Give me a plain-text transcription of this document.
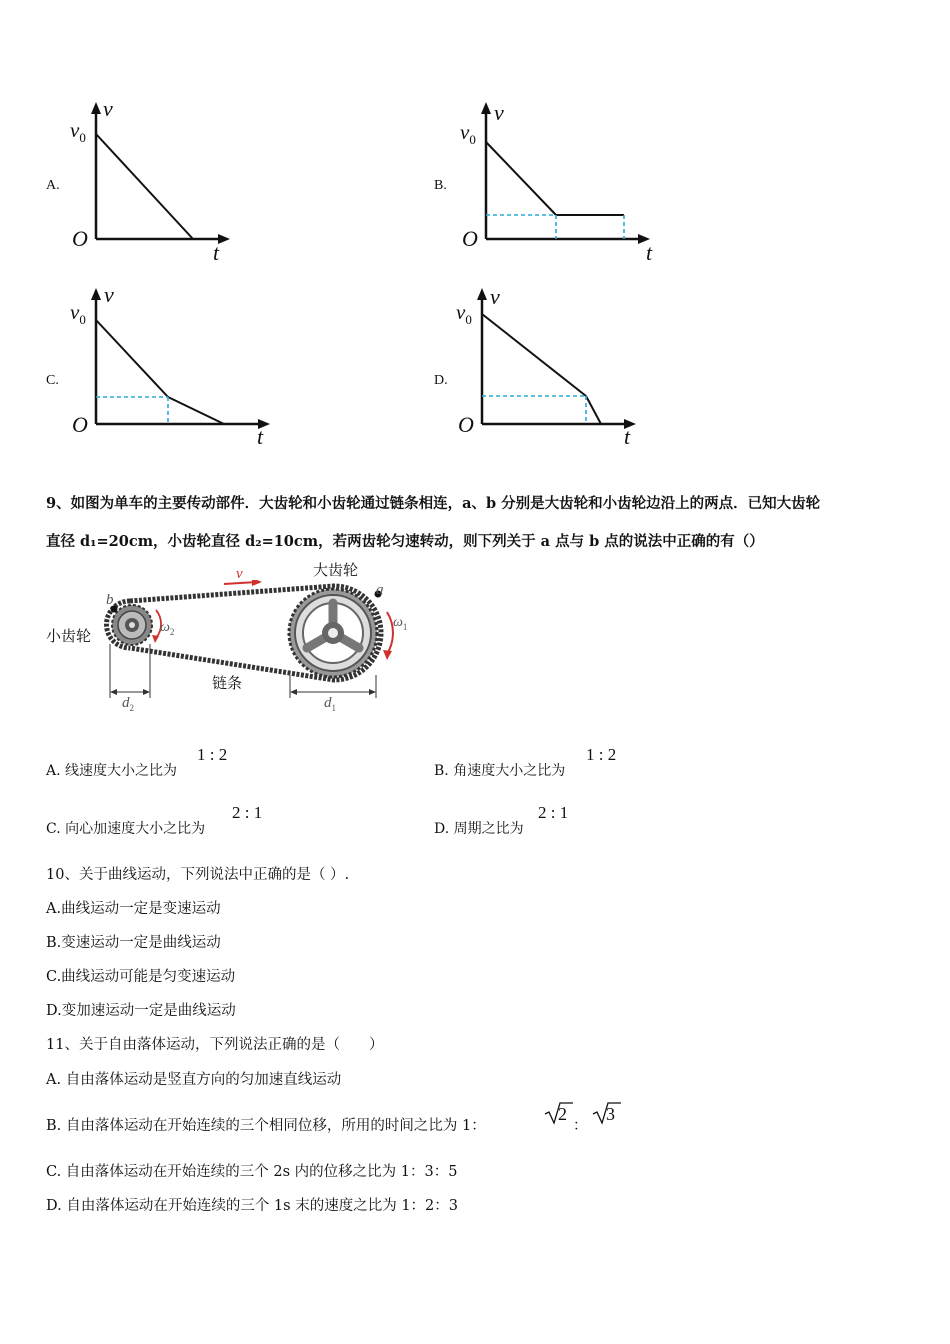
A.
v
$v_0$
O
t
B.
v
$v_0$
O
t
C.
v
$v_0$
O	t
D.
v
$v_0$
O	t
9、如图为单车的主要传动部件．大齿轮和小齿轮通过链条相连，a、b 分别是大齿轮和小齿轮边沿上的两点．已知大齿轮
直径 d₁=20cm，小齿轮直径 d₂=10cm，若两齿轮匀速转动，则下列关于 a 点与 b 点的说法中正确的有（）
大齿轮
小齿轮
链条
v
a
b
$\omega_1$
$\omega_2$
$d_2$	$d_1$
A. 线速度大小之比为
1 : 2
B. 角速度大小之比为
1 : 2
C. 向心加速度大小之比为
2 : 1
D. 周期之比为
2 : 1
10、关于曲线运动，下列说法中正确的是（ ）.
A.曲线运动一定是变速运动
B.变速运动一定是曲线运动
C.曲线运动可能是匀变速运动
D.变加速运动一定是曲线运动
11、关于自由落体运动，下列说法正确的是（　　）
A. 自由落体运动是竖直方向的匀加速直线运动
B. 自由落体运动在开始连续的三个相同位移，所用的时间之比为 1：
2
：
3
C. 自由落体运动在开始连续的三个 2s 内的位移之比为 1：3：5
D. 自由落体运动在开始连续的三个 1s 末的速度之比为 1：2：3
